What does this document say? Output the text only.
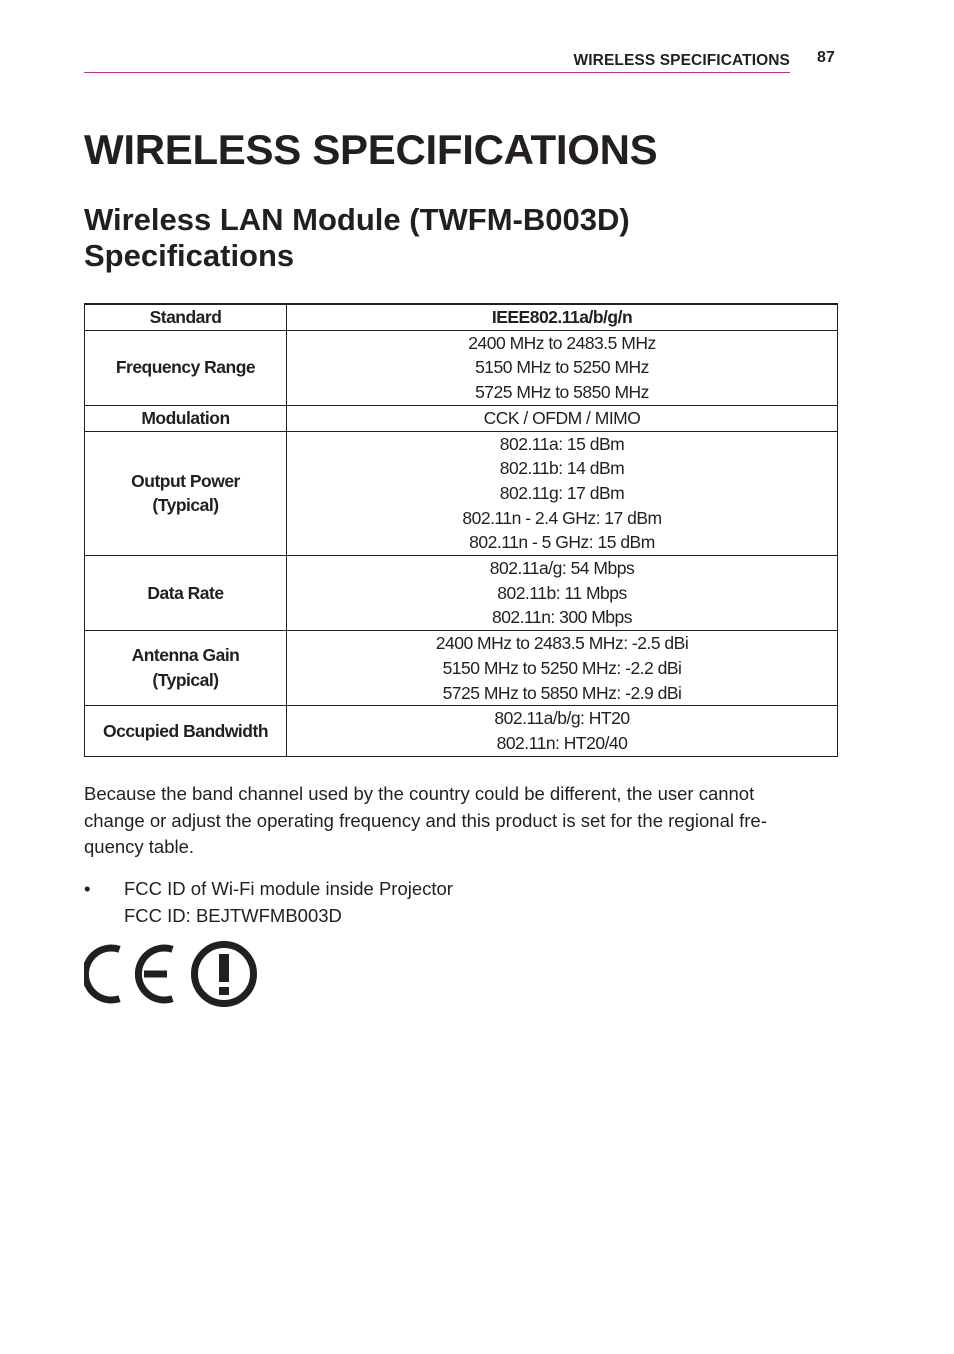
WIRELESS SPECIFICATIONS 87
WIRELESS SPECIFICATIONS
Wireless LAN Module (TWFM-B003D)
Specifications
Standard	IEEE802.11a/b/g/n

Frequency Range	2400 MHz to 2483.5 MHz
5150 MHz to 5250 MHz
5725 MHz to 5850 MHz

Modulation	CCK / OFDM / MIMO

Output Power
(Typical)	802.11a: 15 dBm
802.11b: 14 dBm
802.11g: 17 dBm
802.11n - 2.4 GHz: 17 dBm
802.11n - 5 GHz: 15 dBm

Data Rate	802.11a/g: 54 Mbps
802.11b: 11 Mbps
802.11n: 300 Mbps

Antenna Gain
(Typical)	2400 MHz to 2483.5 MHz: -2.5 dBi
5150 MHz to 5250 MHz: -2.2 dBi
5725 MHz to 5850 MHz: -2.9 dBi

Occupied Bandwidth	802.11a/b/g: HT20
802.11n: HT20/40

Because the band channel used by the country could be different, the user cannot
change or adjust the operating frequency and this product is set for the regional fre-
quency table.

• FCC ID of Wi-Fi module inside Projector
FCC ID: BEJTWFMB003D
